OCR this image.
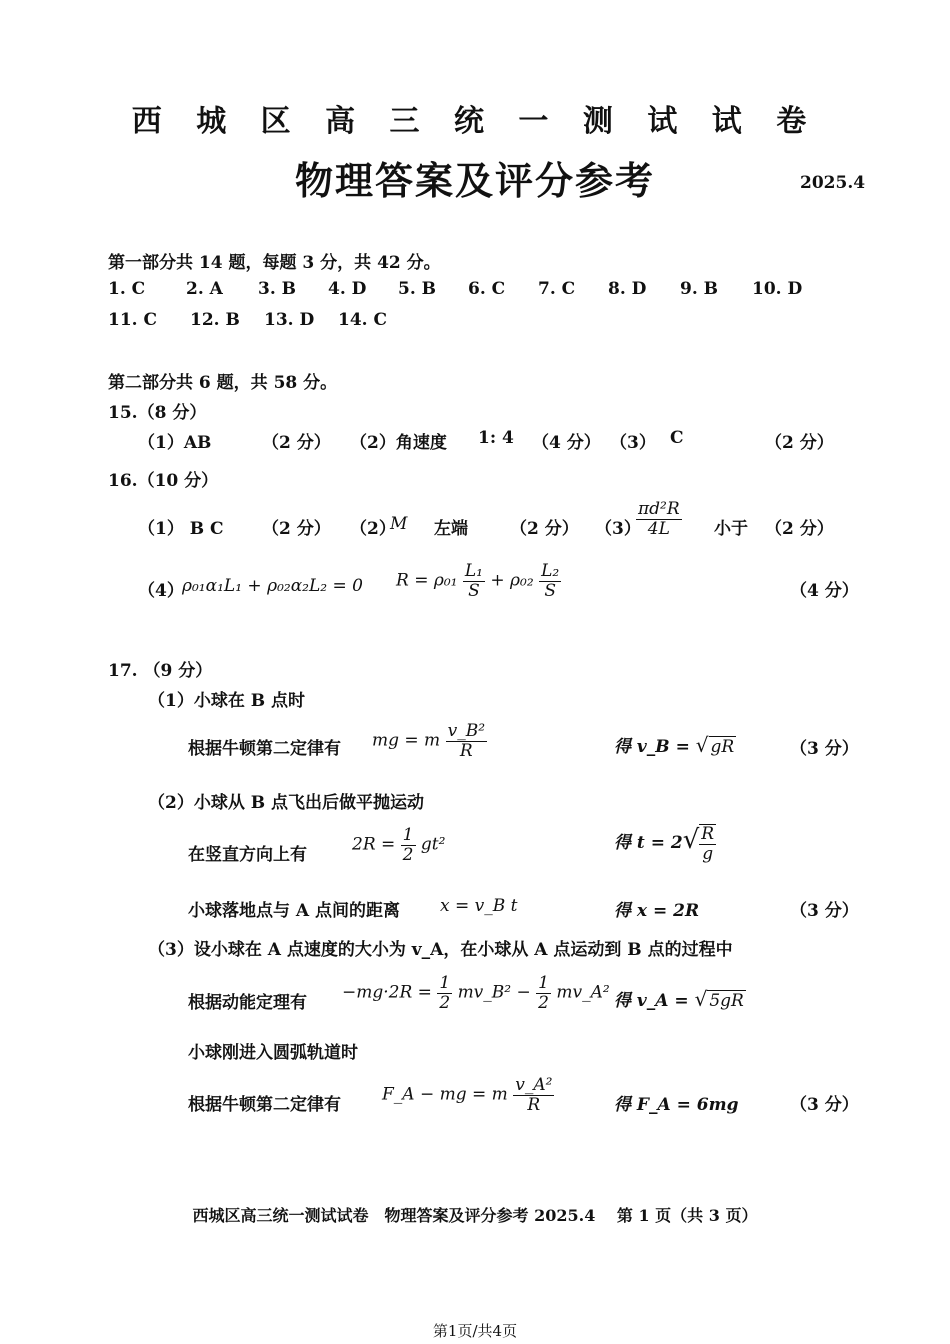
西 城 区 高 三 统 一 测 试 试 卷
物理答案及评分参考	2025.4
第一部分共 14 题，每题 3 分，共 42 分。
1. C 2. A 3. B 4. D 5. B 6. C 7. C 8. D 9. B 10. D
11. C 12. B 13. D 14. C
第二部分共 6 题，共 58 分。
15.（8 分）
（1）AB	（2 分） （2）角速度 1: 4 （4 分） （3） C	（2 分）
16.（10 分）
（1） B C （2 分） （2）
M 左端 （2 分） （3）
$\frac{\text{πd²R}}{4L}$ 小于 （2 分）
（4）
ρ₀₁α₁L₁ + ρ₀₂α₂L₂ = 0 $R = \rho_{01} \frac{\text{L₁}}{S} + \rho_{02} \frac{\text{L₂}}{S}$	（4 分）
17. （9 分）
（1）小球在 B 点时
根据牛顿第二定律有 mg = m $\frac{\text{v\_B²}}{R}$	得 v_B = √ gR	（3 分）
（2）小球从 B 点飞出后做平抛运动
在竖直方向上有
$2R = \frac{1}{2} gt^2$	得 $t = 2√ \frac{R}{g}$
小球落地点与 A 点间的距离 x = v_B t	得 x = 2R	（3 分）
（3）设小球在 A 点速度的大小为 v_A，在小球从 A 点运动到 B 点的过程中
根据动能定理有
$-mg\cdot 2R = \frac{1}{2}$ mv_B² − $\frac{1}{2}$ mv_A² 得 v_A = √ 5gR
小球刚进入圆弧轨道时
根据牛顿第二定律有
F_A − mg = m $\frac{\text{v\_A²}}{R}$	得 F_A = 6mg	（3 分）
西城区高三统一测试试卷　物理答案及评分参考 2025.4　 第 1 页（共 3 页）
第1页/共4页
